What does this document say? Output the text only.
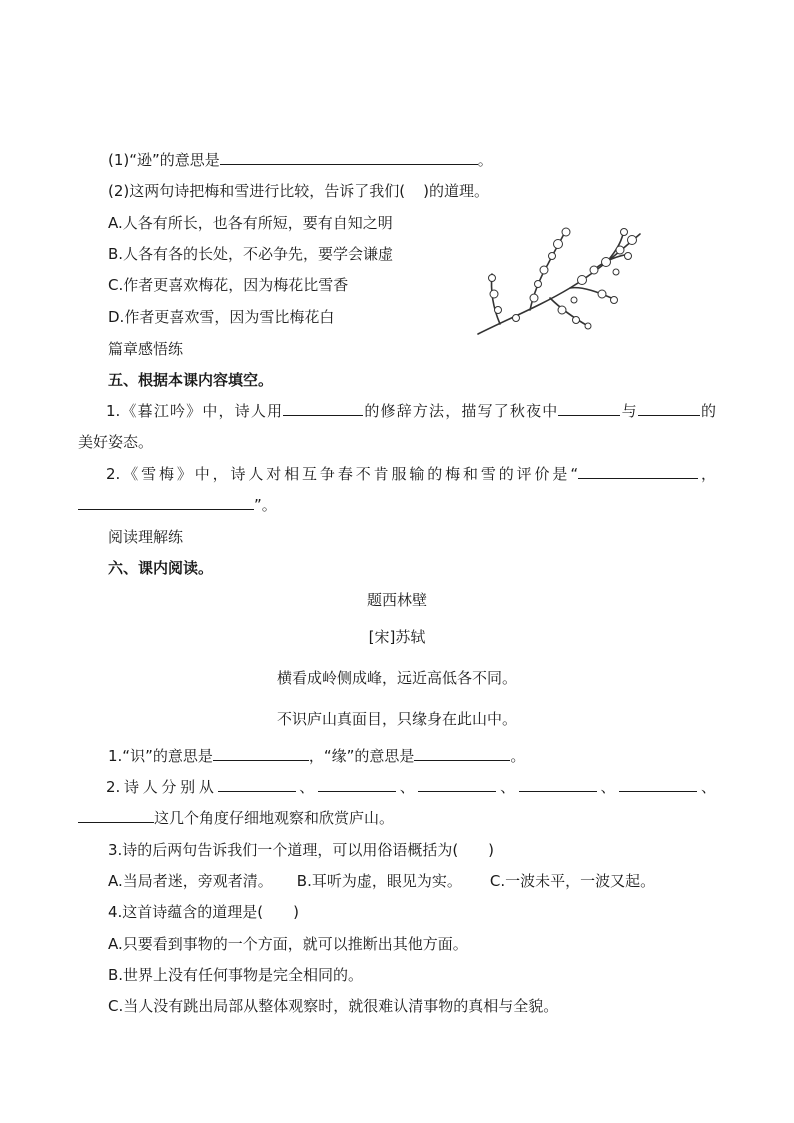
(1)“逊”的意思是	。
(2)这两句诗把梅和雪进行比较，告诉了我们( )的道理。
A.人各有所长，也各有所短，要有自知之明
B.人各有各的长处，不必争先，要学会谦虚
C.作者更喜欢梅花，因为梅花比雪香
D.作者更喜欢雪，因为雪比梅花白
篇章感悟练
五、根据本课内容填空。
1.《暮江吟》中，诗人用	的修辞方法，描写了秋夜中	与	的
美好姿态。
2.《雪梅》中，诗人对相互争春不肯服输的梅和雪的评价是“	，
”。
阅读理解练
六、课内阅读。
题西林壁
[宋]苏轼
横看成岭侧成峰，远近高低各不同。
不识庐山真面目，只缘身在此山中。
1.“识”的意思是	，“缘”的意思是	。
2.诗人分别从	、	、	、	、	、
这几个角度仔细地观察和欣赏庐山。
3.诗的后两句告诉我们一个道理，可以用俗语概括为(　　)
A.当局者迷，旁观者清。 B.耳听为虚，眼见为实。 C.一波未平，一波又起。
4.这首诗蕴含的道理是(　　)
A.只要看到事物的一个方面，就可以推断出其他方面。
B.世界上没有任何事物是完全相同的。
C.当人没有跳出局部从整体观察时，就很难认清事物的真相与全貌。
